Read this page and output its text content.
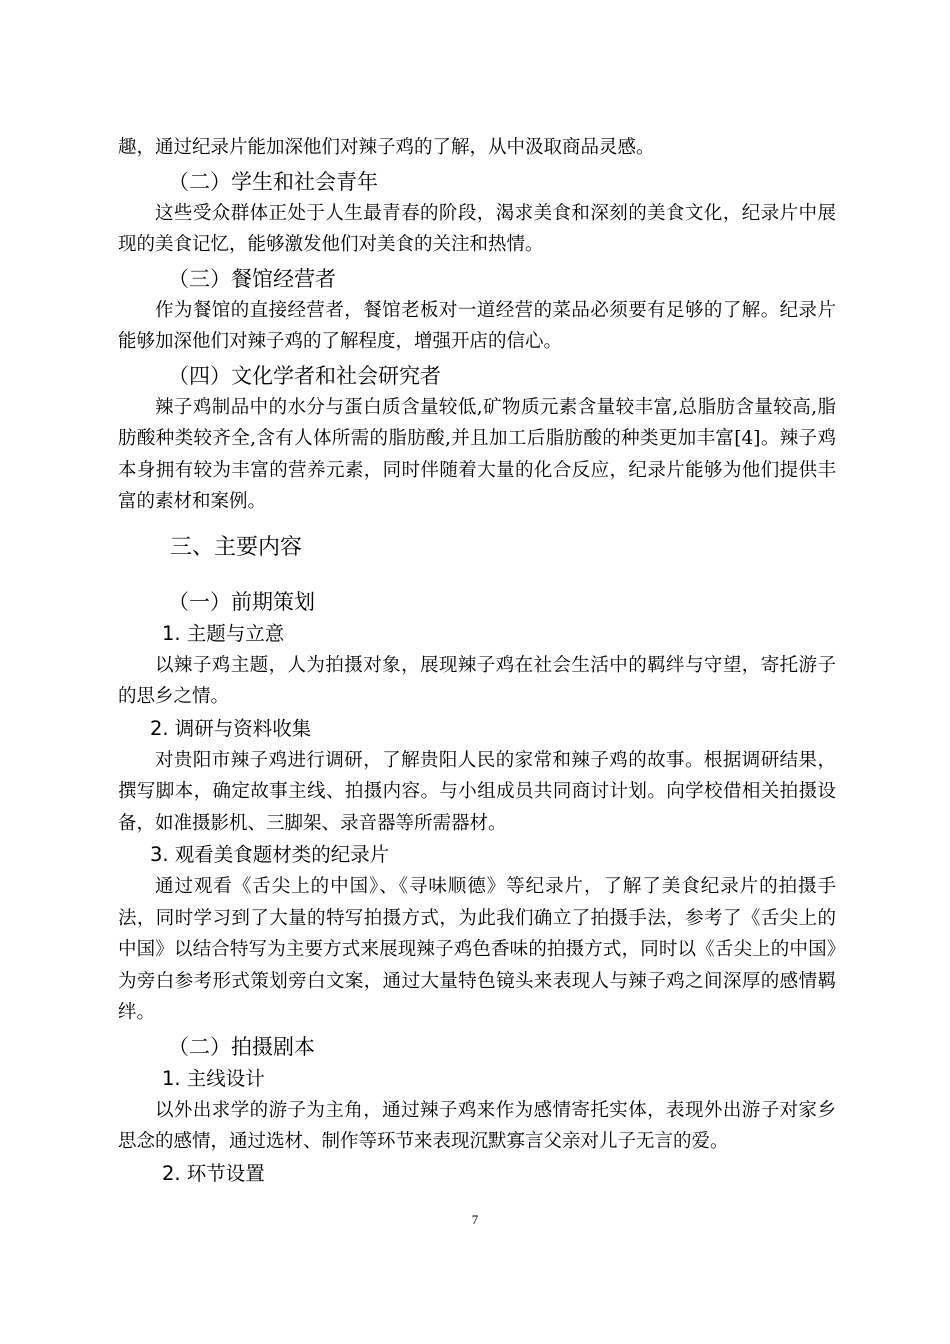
趣，通过纪录片能加深他们对辣子鸡的了解，从中汲取商品灵感。

（二）学生和社会青年

这些受众群体正处于人生最青春的阶段，渴求美食和深刻的美食文化，纪录片中展现的美食记忆，能够激发他们对美食的关注和热情。

（三）餐馆经营者

作为餐馆的直接经营者，餐馆老板对一道经营的菜品必须要有足够的了解。纪录片能够加深他们对辣子鸡的了解程度，增强开店的信心。

（四）文化学者和社会研究者

辣子鸡制品中的水分与蛋白质含量较低,矿物质元素含量较丰富,总脂肪含量较高,脂肪酸种类较齐全,含有人体所需的脂肪酸,并且加工后脂肪酸的种类更加丰富[4]。辣子鸡本身拥有较为丰富的营养元素，同时伴随着大量的化合反应，纪录片能够为他们提供丰富的素材和案例。

三、主要内容
（一）前期策划
1. 主题与立意

以辣子鸡主题，人为拍摄对象，展现辣子鸡在社会生活中的羁绊与守望，寄托游子的思乡之情。

2. 调研与资料收集

对贵阳市辣子鸡进行调研，了解贵阳人民的家常和辣子鸡的故事。根据调研结果，撰写脚本，确定故事主线、拍摄内容。与小组成员共同商讨计划。向学校借相关拍摄设备，如准摄影机、三脚架、录音器等所需器材。

3. 观看美食题材类的纪录片

通过观看《舌尖上的中国》、《寻味顺德》等纪录片，了解了美食纪录片的拍摄手法，同时学习到了大量的特写拍摄方式，为此我们确立了拍摄手法，参考了《舌尖上的中国》以结合特写为主要方式来展现辣子鸡色香味的拍摄方式，同时以《舌尖上的中国》为旁白参考形式策划旁白文案，通过大量特色镜头来表现人与辣子鸡之间深厚的感情羁绊。

（二）拍摄剧本
1. 主线设计

以外出求学的游子为主角，通过辣子鸡来作为感情寄托实体，表现外出游子对家乡思念的感情，通过选材、制作等环节来表现沉默寡言父亲对儿子无言的爱。

2. 环节设置
7
